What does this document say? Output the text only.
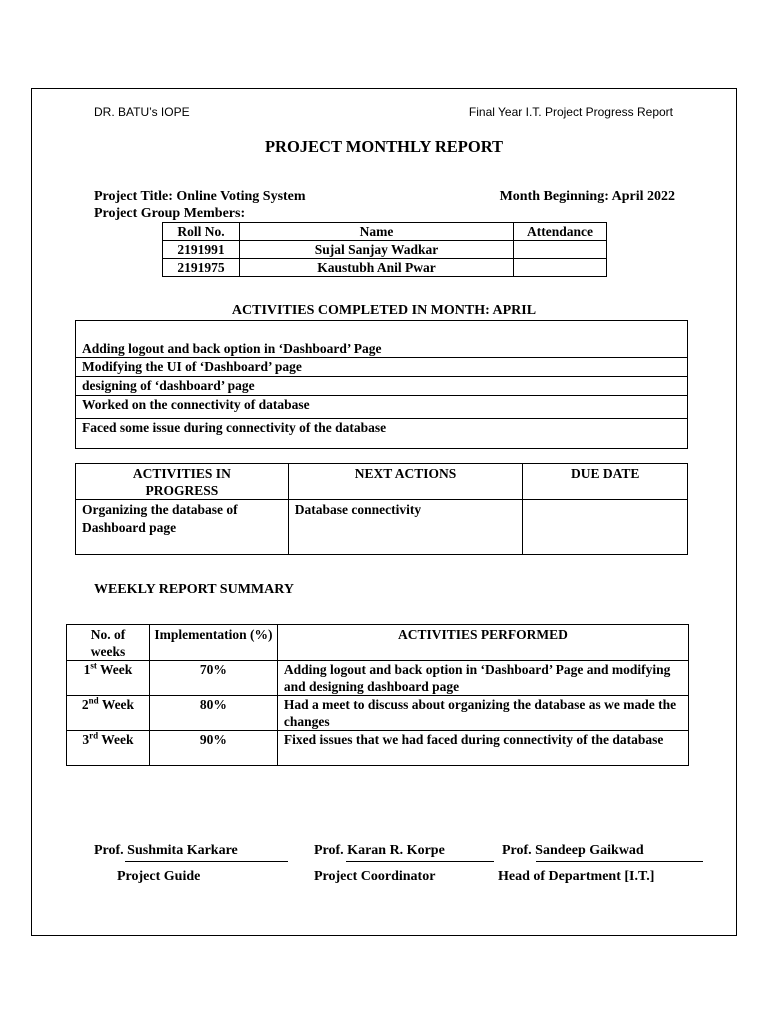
DR. BATU’s IOPE	Final Year I.T. Project Progress Report
PROJECT MONTHLY REPORT
Project Title: Online Voting System	Month Beginning: April 2022
Project Group Members:
Roll No.	Name	Attendance
2191991	Sujal Sanjay Wadkar	
2191975	Kaustubh Anil Pwar	
ACTIVITIES COMPLETED IN MONTH: APRIL
Adding logout and back option in ‘Dashboard’ Page
Modifying the UI of ‘Dashboard’ page
designing of ‘dashboard’ page
Worked on the connectivity of database
Faced some issue during connectivity of the database
ACTIVITIES IN PROGRESS	NEXT ACTIONS	DUE DATE
Organizing the database of Dashboard page	Database connectivity	
WEEKLY REPORT SUMMARY
No. of weeks	Implementation (%)	ACTIVITIES PERFORMED
1st Week	70%	Adding logout and back option in ‘Dashboard’ Page and modifying and designing dashboard page
2nd Week	80%	Had a meet to discuss about organizing the database as we made the changes
3rd Week	90%	Fixed issues that we had faced during connectivity of the database
Prof. Sushmita Karkare
Project Guide
Prof. Karan R. Korpe
Project Coordinator
Prof. Sandeep Gaikwad
Head of Department [I.T.]
